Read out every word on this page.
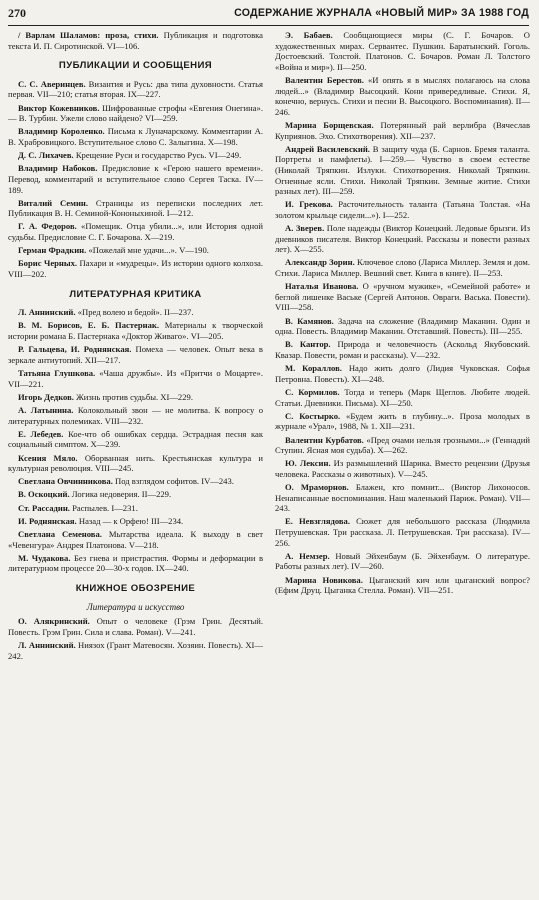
270	СОДЕРЖАНИЕ ЖУРНАЛА «НОВЫЙ МИР» ЗА 1988 ГОД
/ Варлам Шаламов: проза, стихи. Публикация и подготовка текста И. П. Сиротинской. VI—106.
ПУБЛИКАЦИИ И СООБЩЕНИЯ
С. С. Аверинцев. Византия и Русь: два типа духовности. Статья первая. VII—210; статья вторая. IX—227.
Виктор Кожевников. Шифрованные строфы «Евгения Онегина».— В. Турбин. Ужели слово найдено? VI—259.
Владимир Короленко. Письма к Луначарскому. Комментарии А. В. Храбровицкого. Вступительное слово С. Залыгина. X—198.
Д. С. Лихачев. Крещение Руси и государство Русь. VI—249.
Владимир Набоков. Предисловие к «Герою нашего времени». Перевод, комментарий и вступительное слово Сергея Таска. IV—189.
Виталий Семин. Страницы из переписки последних лет. Публикация В. Н. Семиной-Кононыхиной. I—212.
Г. А. Федоров. «Помещик. Отца убили...», или История одной судьбы. Предисловие С. Г. Бочарова. X—219.
Герман Фрадкин. «Пожелай мне удачи...». V—190.
Борис Черных. Пахари и «мудрецы». Из истории одного колхоза. VIII—202.
ЛИТЕРАТУРНАЯ КРИТИКА
Л. Аннинский. «Пред волею и бедой». II—237.
В. М. Борисов, Е. Б. Пастернак. Материалы к творческой истории романа Б. Пастернака «Доктор Живаго». VI—205.
Р. Гальцева, И. Роднянская. Помеха — человек. Опыт века в зеркале антиутопий. XII—217.
Татьяна Глушкова. «Чаша дружбы». Из «Притчи о Моцарте». VII—221.
Игорь Дедков. Жизнь против судьбы. XI—229.
А. Латынина. Колокольный звон — не молитва. К вопросу о литературных полемиках. VIII—232.
Е. Лебедев. Кое-что об ошибках сердца. Эстрадная песня как социальный симптом. X—239.
Ксения Мяло. Оборванная нить. Крестьянская культура и культурная революция. VIII—245.
Светлана Овчинникова. Под взглядом софитов. IV—243.
В. Оскоцкий. Логика недоверия. II—229.
Ст. Рассадин. Распылев. I—231.
И. Роднянская. Назад — к Орфею! III—234.
Светлана Семенова. Мытарства идеала. К выходу в свет «Чевенгура» Андрея Платонова. V—218.
М. Чудакова. Без гнева и пристрастия. Формы и деформации в литературном процессе 20—30-х годов. IX—240.
КНИЖНОЕ ОБОЗРЕНИЕ
Литература и искусство
О. Алякринский. Опыт о человеке (Грэм Грин. Десятый. Повесть. Грэм Грин. Сила и слава. Роман). V—241.
Л. Аннинский. Ниязох (Грант Матевосян. Хозяин. Повесть). XI—242.
Э. Бабаев. Сообщающиеся миры (С. Г. Бочаров. О художественных мирах. Сервантес. Пушкин. Баратынский. Гоголь. Достоевский. Толстой. Платонов. С. Бочаров. Роман Л. Толстого «Война и мир»). II—250.
Валентин Берестов. «И опять я в мыслях полагаюсь на слова людей...» (Владимир Высоцкий. Кони привередливые. Стихи. Я, конечно, вернусь. Стихи и песни В. Высоцкого. Воспоминания). II—246.
Марина Борщевская. Потерянный рай верлибра (Вячеслав Куприянов. Эхо. Стихотворения). XII—237.
Андрей Василевский. В защиту чуда (Б. Сарнов. Бремя таланта. Портреты и памфлеты). I—259.— Чувство в своем естестве (Николай Тряпкин. Излуки. Стихотворения. Николай Тряпкин. Огненные ясли. Стихи. Николай Тряпкин. Земные житие. Стихи разных лет). III—259.
И. Грекова. Расточительность таланта (Татьяна Толстая. «На золотом крыльце сидели...»). I—252.
А. Зверев. Поле надежды (Виктор Конецкий. Ледовые брызги. Из дневников писателя. Виктор Конецкий. Рассказы и повести разных лет). X—255.
Александр Зорин. Ключевое слово (Лариса Миллер. Земля и дом. Стихи. Лариса Миллер. Вешний свет. Книга в книге). II—253.
Наталья Иванова. О «ручном мужике», «Семейной работе» и беглой лишенке Ваське (Сергей Антонов. Овраги. Васька. Повести). VIII—258.
В. Камянов. Задача на сложение (Владимир Маканин. Один и одна. Повесть. Владимир Маканин. Отставший. Повесть). III—255.
В. Кантор. Природа и человечность (Аскольд Якубовский. Квазар. Повести, роман и рассказы). V—232.
М. Кораллов. Надо жить долго (Лидия Чуковская. Софья Петровна. Повесть). XI—248.
С. Кормилов. Тогда и теперь (Марк Щеглов. Любите людей. Статьи. Дневники. Письма). XI—250.
С. Костырко. «Будем жить в глубину...». Проза молодых в журнале «Урал», 1988, № 1. XII—231.
Валентин Курбатов. «Пред очами нельзя грозными...» (Геннадий Ступин. Ясная моя судьба). X—262.
Ю. Лексин. Из размышлений Шарика. Вместо рецензии (Друзья человека. Рассказы о животных). V—245.
О. Мраморнов. Блажен, кто помнит... (Виктор Лихоносов. Ненаписанные воспоминания. Наш маленький Париж. Роман). VII—243.
Е. Невзглядова. Сюжет для небольшого рассказа (Людмила Петрушевская. Три рассказа. Л. Петрушевская. Три рассказа). IV—256.
А. Немзер. Новый Эйхенбаум (Б. Эйхенбаум. О литературе. Работы разных лет). IV—260.
Марина Новикова. Цыганский кич или цыганский вопрос? (Ефим Друц. Цыганка Стелла. Роман). VII—251.
